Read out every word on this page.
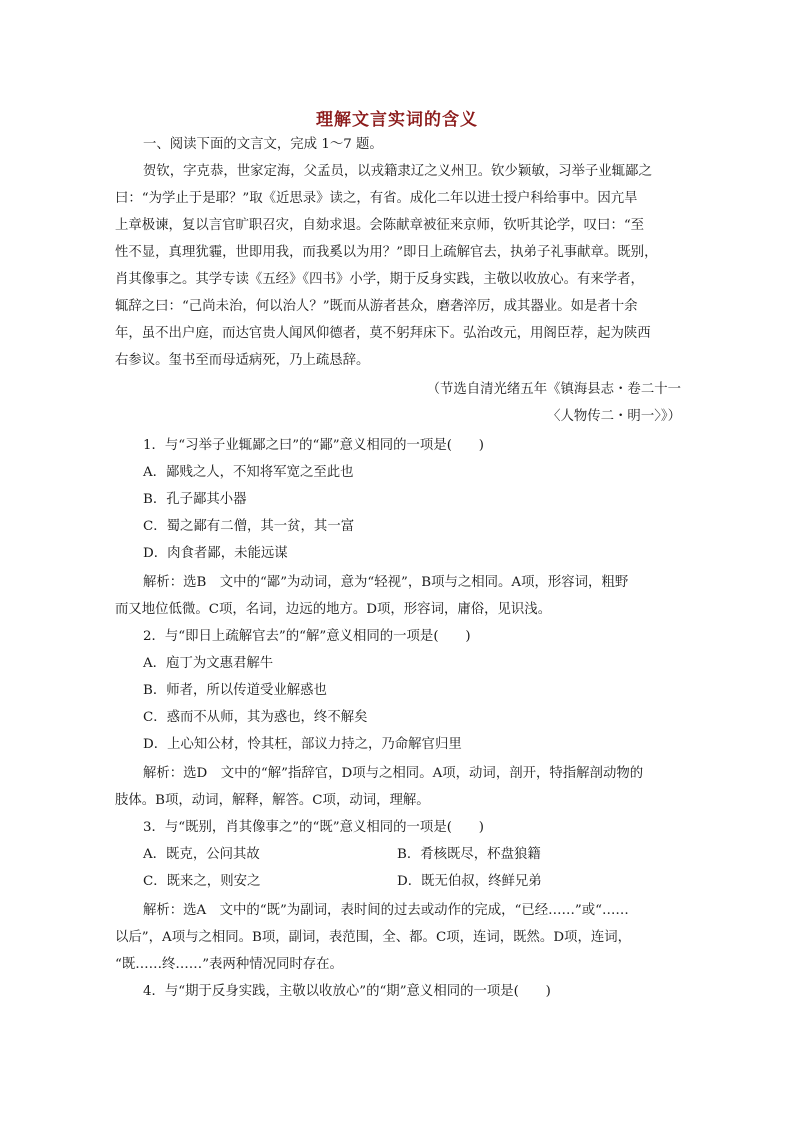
理解文言实词的含义
一、阅读下面的文言文，完成 1～7 题。
贺钦，字克恭，世家定海，父孟员，以戎籍隶辽之义州卫。钦少颖敏，习举子业辄鄙之
曰：“为学止于是耶？”取《近思录》读之，有省。成化二年以进士授户科给事中。因亢旱
上章极谏，复以言官旷职召灾，自劾求退。会陈献章被征来京师，钦听其论学，叹曰：“至
性不显，真理犹霾，世即用我，而我奚以为用？”即日上疏解官去，执弟子礼事献章。既别，
肖其像事之。其学专读《五经》《四书》小学，期于反身实践，主敬以收放心。有来学者，
辄辞之曰：“己尚未治，何以治人？”既而从游者甚众，磨砻淬厉，成其器业。如是者十余
年，虽不出户庭，而达官贵人闻风仰德者，莫不躬拜床下。弘治改元，用阁臣荐，起为陕西
右参议。玺书至而母适病死，乃上疏恳辞。
（节选自清光绪五年《镇海县志・卷二十一
〈人物传二・明一〉》）
1．与“习举子业辄鄙之曰”的“鄙”意义相同的一项是(　　)
A．鄙贱之人，不知将军宽之至此也
B．孔子鄙其小器
C．蜀之鄙有二僧，其一贫，其一富
D．肉食者鄙，未能远谋
解析：选B　文中的“鄙”为动词，意为“轻视”，B项与之相同。A项，形容词，粗野
而又地位低微。C项，名词，边远的地方。D项，形容词，庸俗，见识浅。
2．与“即日上疏解官去”的“解”意义相同的一项是(　　)
A．庖丁为文惠君解牛
B．师者，所以传道受业解惑也
C．惑而不从师，其为惑也，终不解矣
D．上心知公材，怜其枉，部议力持之，乃命解官归里
解析：选D　文中的“解”指辞官，D项与之相同。A项，动词，剖开，特指解剖动物的
肢体。B项，动词，解释，解答。C项，动词，理解。
3．与“既别，肖其像事之”的“既”意义相同的一项是(　　)
A．既克，公问其故	B．肴核既尽，杯盘狼籍
C．既来之，则安之	D．既无伯叔，终鲜兄弟
解析：选A　文中的“既”为副词，表时间的过去或动作的完成，“已经……”或“……
以后”，A项与之相同。B项，副词，表范围，全、都。C项，连词，既然。D项，连词，
“既……终……”表两种情况同时存在。
4．与“期于反身实践，主敬以收放心”的“期”意义相同的一项是(　　)
